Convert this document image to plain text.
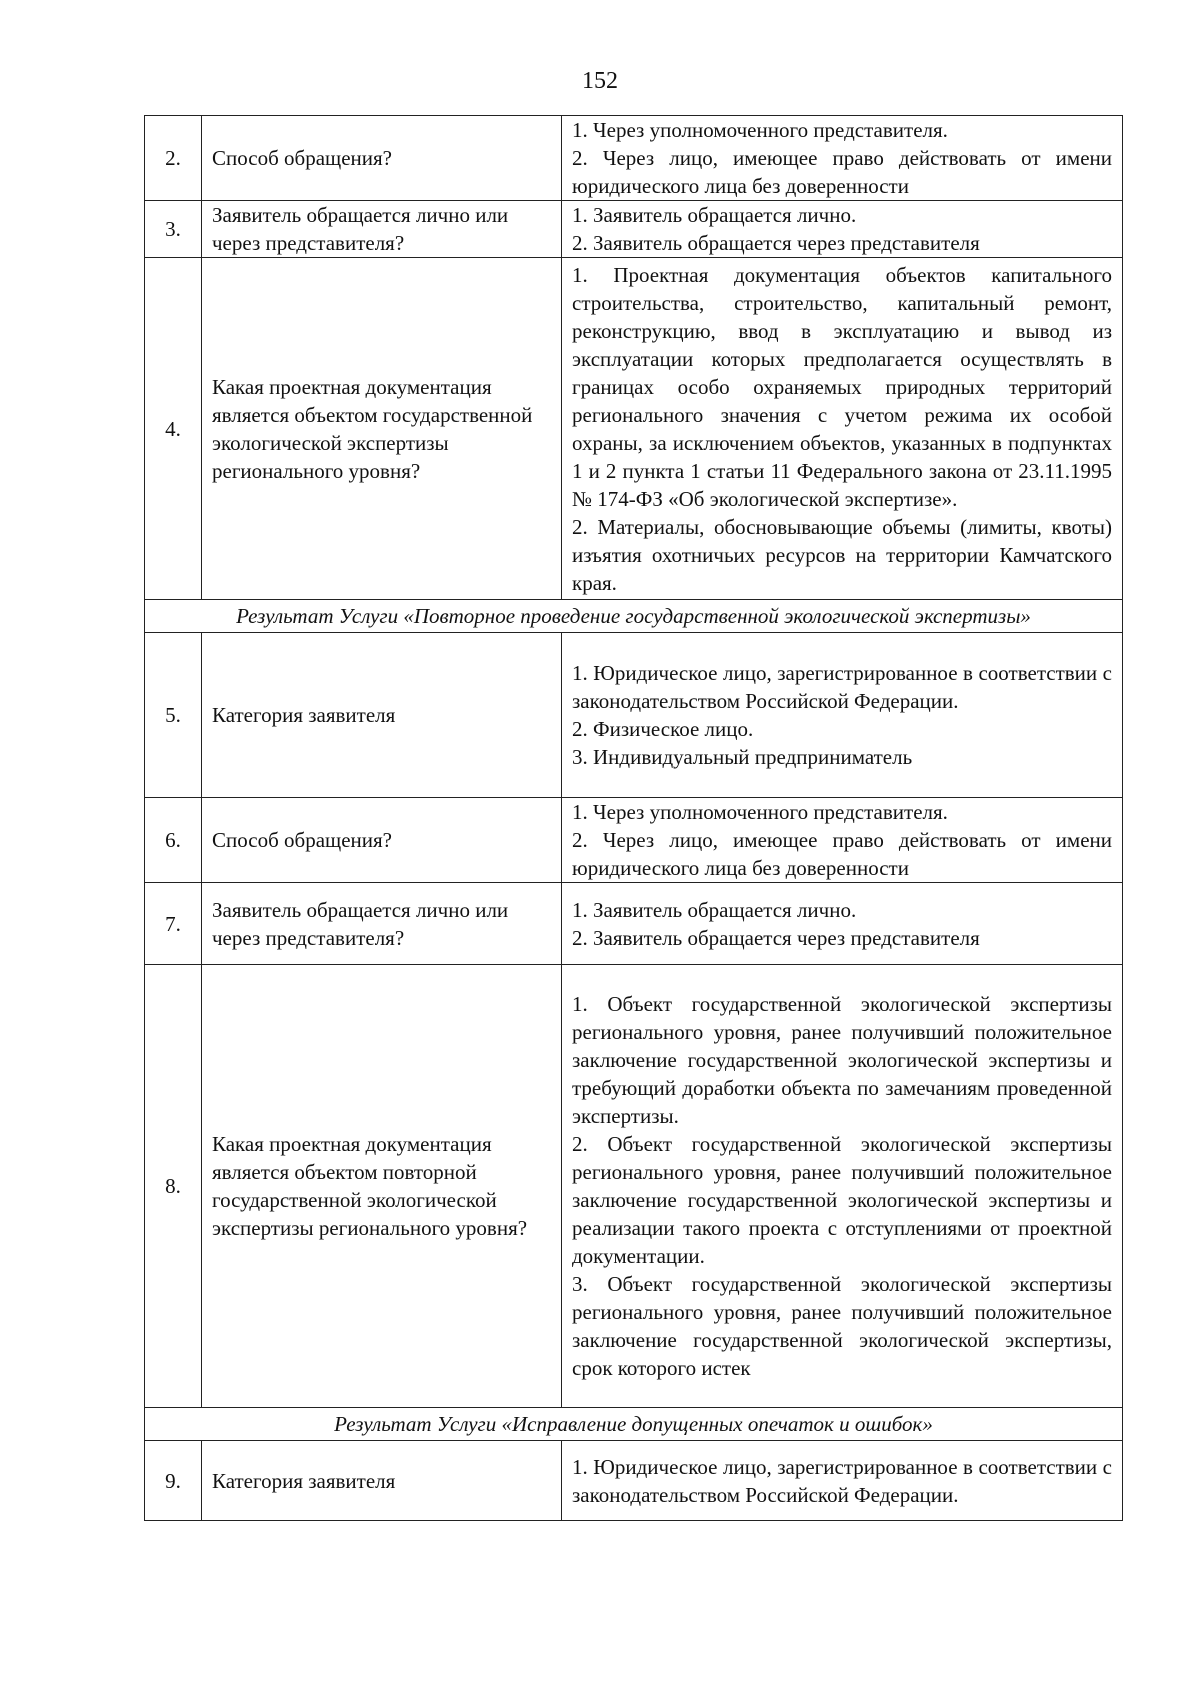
152
2.	Способ обращения?	1. Через уполномоченного представителя.
2. Через лицо, имеющее право действовать от имени юридического лица без доверенности

3.	Заявитель обращается лично или через представителя?	1. Заявитель обращается лично.
2. Заявитель обращается через представителя

4.	Какая проектная документация является объектом государственной экологической экспертизы регионального уровня?	1. Проектная документация объектов капитального строительства, строительство, капитальный ремонт, реконструкцию, ввод в эксплуатацию и вывод из эксплуатации которых предполагается осуществлять в границах особо охраняемых природных территорий регионального значения с учетом режима их особой охраны, за исключением объектов, указанных в подпунктах 1 и 2 пункта 1 статьи 11 Федерального закона от 23.11.1995 № 174-ФЗ «Об экологической экспертизе».
2. Материалы, обосновывающие объемы (лимиты, квоты) изъятия охотничьих ресурсов на территории Камчатского края.

Результат Услуги «Повторное проведение государственной экологической экспертизы»		
5.	Категория заявителя	1. Юридическое лицо, зарегистрированное в соответствии с законодательством Российской Федерации.
2. Физическое лицо.
3. Индивидуальный предприниматель

6.	Способ обращения?	1. Через уполномоченного представителя.
2. Через лицо, имеющее право действовать от имени юридического лица без доверенности

7.	Заявитель обращается лично или через представителя?	1. Заявитель обращается лично.
2. Заявитель обращается через представителя

8.	Какая проектная документация является объектом повторной государственной экологической экспертизы регионального уровня?	1. Объект государственной экологической экспертизы регионального уровня, ранее получивший положительное заключение государственной экологической экспертизы и требующий доработки объекта по замечаниям проведенной экспертизы.
2. Объект государственной экологической экспертизы регионального уровня, ранее получивший положительное заключение государственной экологической экспертизы и реализации такого проекта с отступлениями от проектной документации.
3. Объект государственной экологической экспертизы регионального уровня, ранее получивший положительное заключение государственной экологической экспертизы, срок которого истек

Результат Услуги «Исправление допущенных опечаток и ошибок»		
9.	Категория заявителя	1. Юридическое лицо, зарегистрированное в соответствии с законодательством Российской Федерации.
